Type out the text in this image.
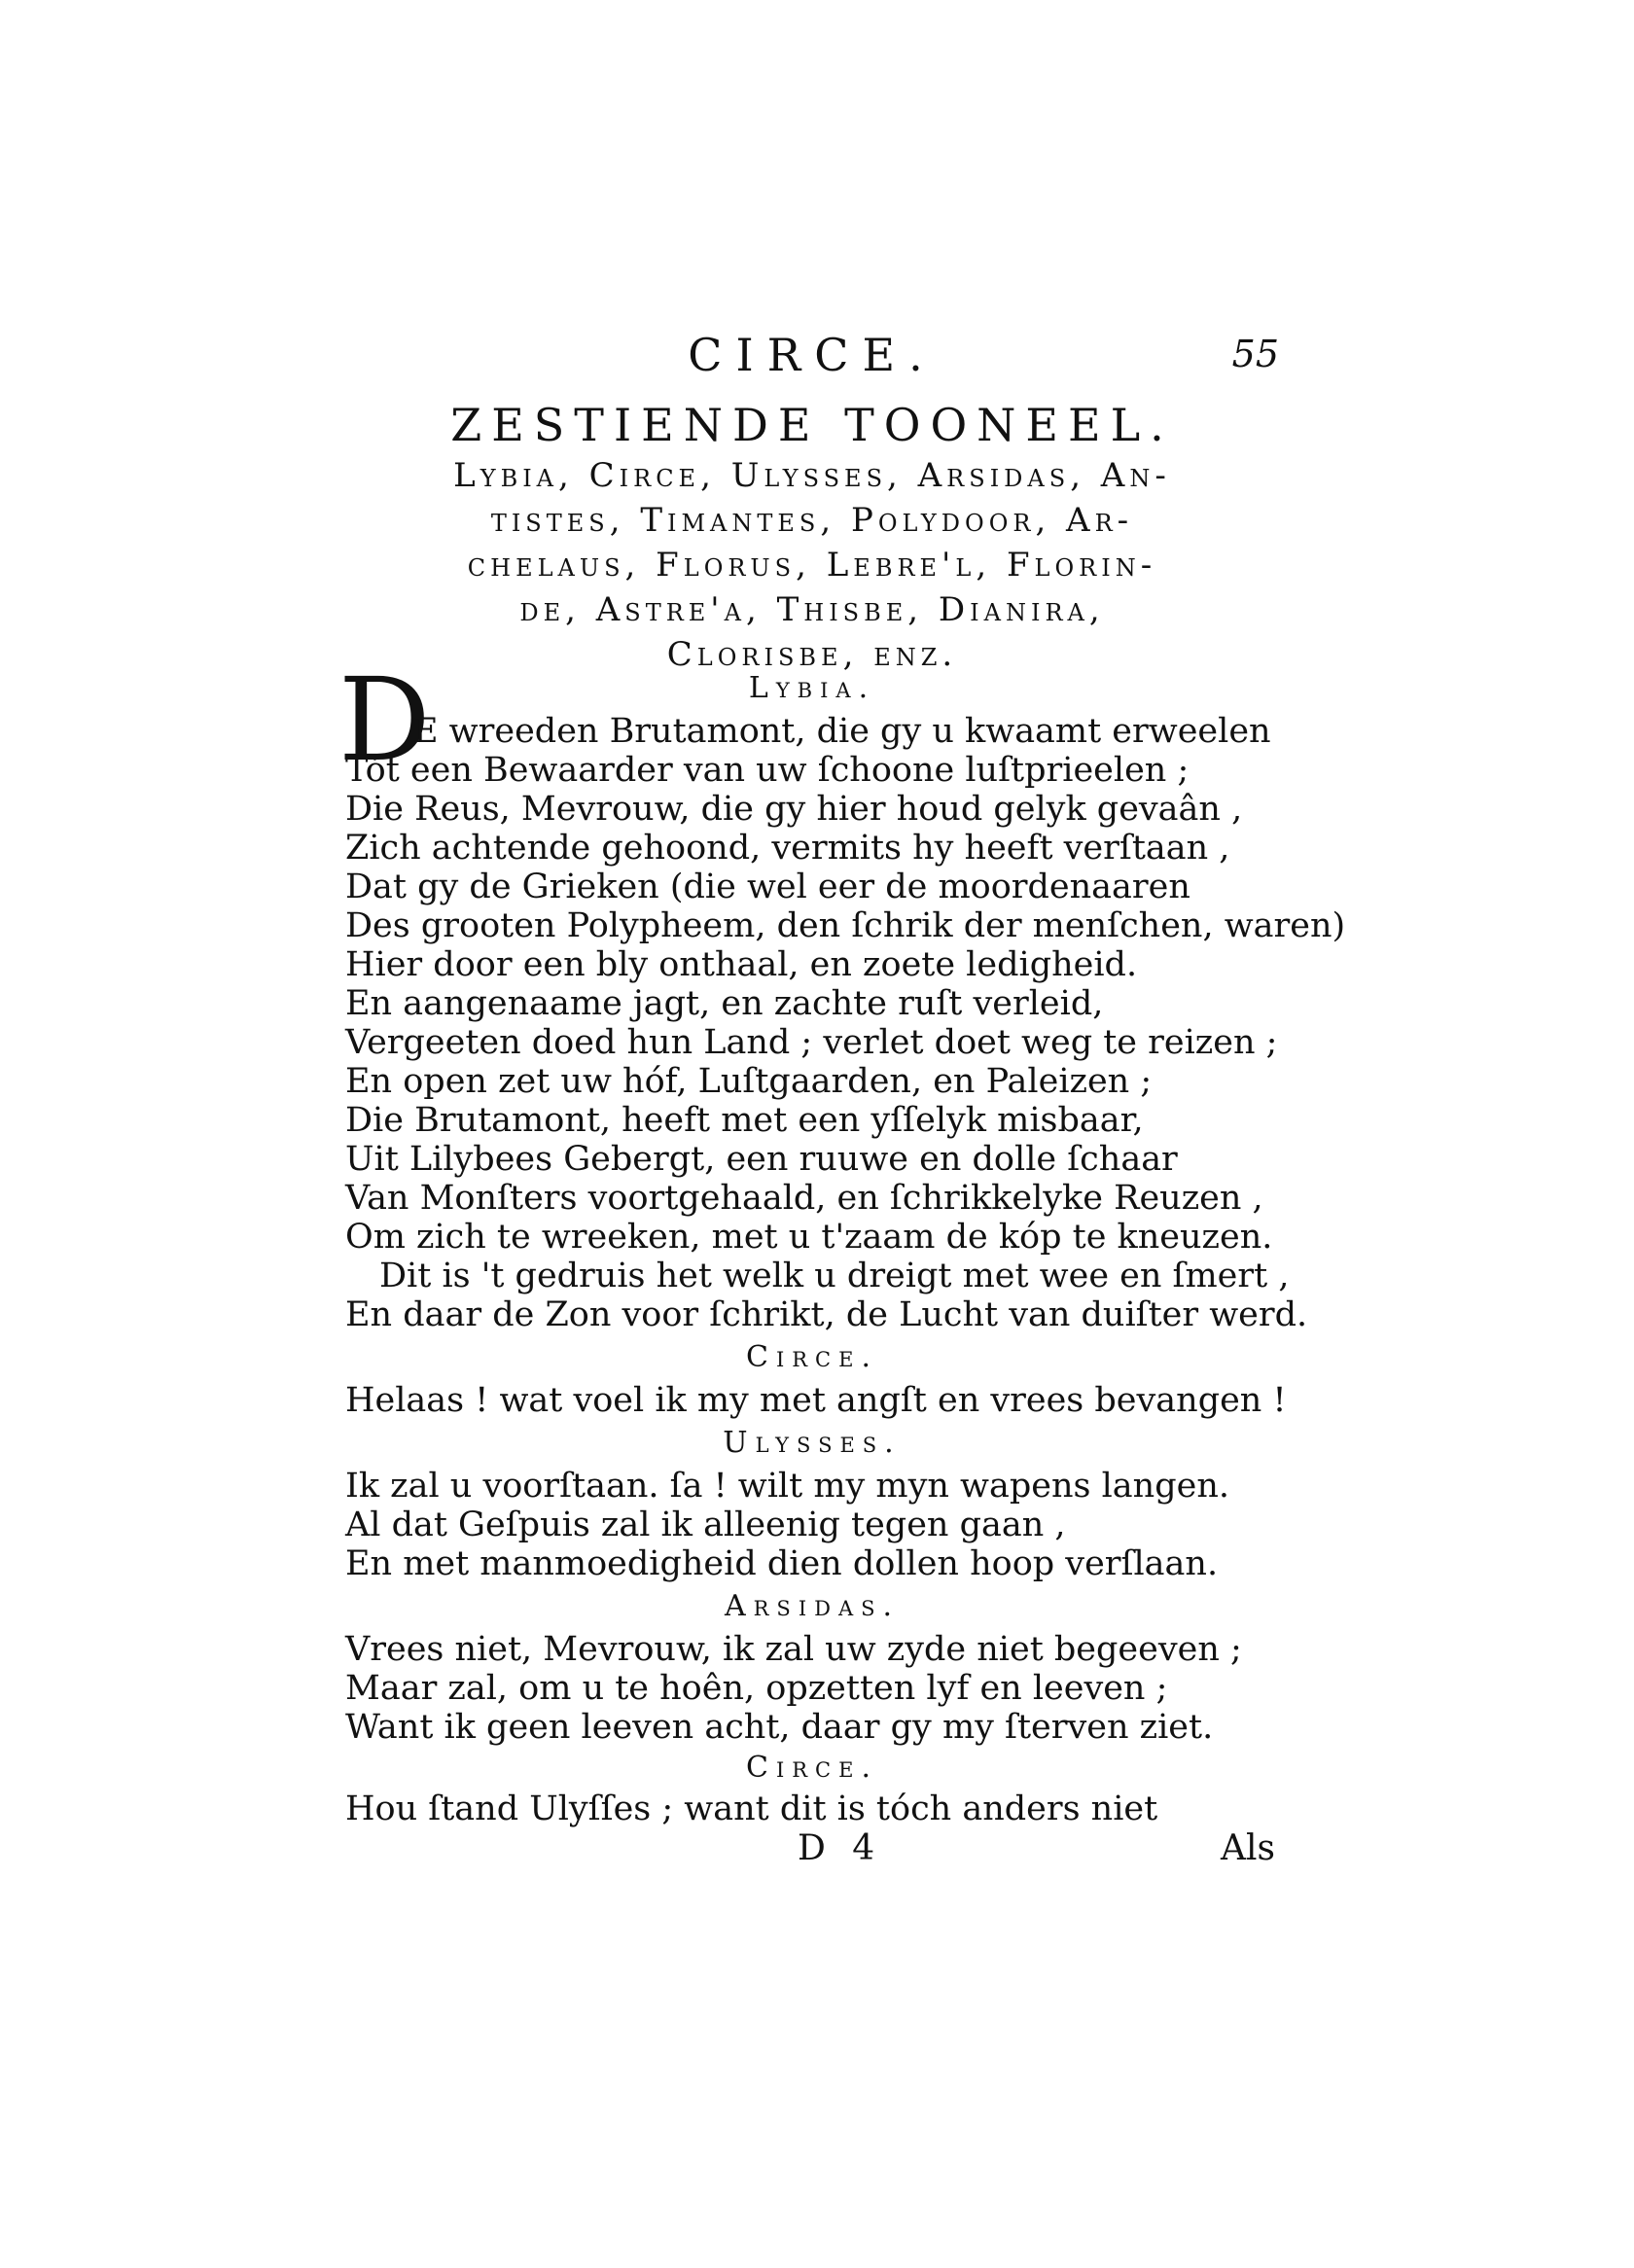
CIRCE.	55
ZESTIENDE TOONEEL.
Lybia, Circe, Ulysses, Arsidas, An-
tistes, Timantes, Polydoor, Ar-
chelaus, Florus, Lebre'l, Florin-
de, Astre'a, Thisbe, Dianira,
Clorisbe, enz.
Lybia.
D
E wreeden Brutamont, die gy u kwaamt erweelen
Tót een Bewaarder van uw ſchoone luſtprieelen ;
Die Reus, Mevrouw, die gy hier houd gelyk gevaân ,
Zich achtende gehoond, vermits hy heeft verſtaan ,
Dat gy de Grieken (die wel eer de moordenaaren
Des grooten Polypheem, den ſchrik der menſchen, waren)
Hier door een bly onthaal, en zoete ledigheid.
En aangenaame jagt, en zachte ruſt verleid,
Vergeeten doed hun Land ; verlet doet weg te reizen ;
En open zet uw hóf, Luſtgaarden, en Paleizen ;
Die Brutamont, heeft met een yſſelyk misbaar,
Uit Lilybees Gebergt, een ruuwe en dolle ſchaar
Van Monſters voortgehaald, en ſchrikkelyke Reuzen ,
Om zich te wreeken, met u t'zaam de kóp te kneuzen.
Dit is 't gedruis het welk u dreigt met wee en ſmert ,
En daar de Zon voor ſchrikt, de Lucht van duiſter werd.
Circe.
Helaas ! wat voel ik my met angſt en vrees bevangen !
Ulysses.
Ik zal u voorſtaan. ſa ! wilt my myn wapens langen.
Al dat Geſpuis zal ik alleenig tegen gaan ,
En met manmoedigheid dien dollen hoop verſlaan.
Arsidas.
Vrees niet, Mevrouw, ik zal uw zyde niet begeeven ;
Maar zal, om u te hoên, opzetten lyf en leeven ;
Want ik geen leeven acht, daar gy my ſterven ziet.
Circe.
Hou ſtand Ulyſſes ; want dit is tóch anders niet
D 4	Als
